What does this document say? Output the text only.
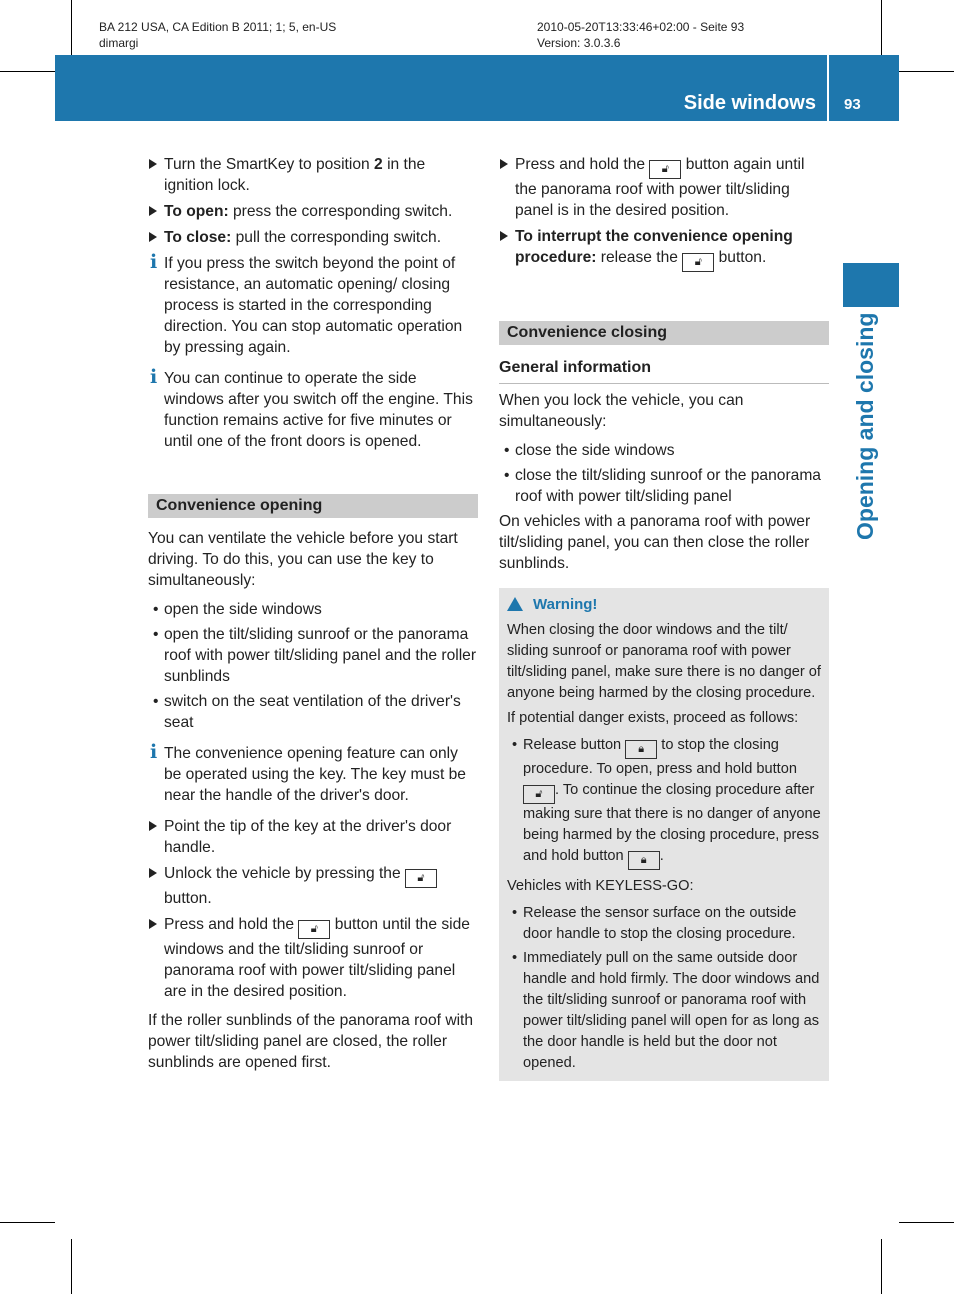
BA 212 USA, CA Edition B 2011; 1; 5, en-US
dimargi
2010-05-20T13:33:46+02:00 - Seite 93
Version: 3.0.3.6
Side windows 93
Opening and closing
Turn the SmartKey to position 2 in the ignition lock.
To open: press the corresponding switch.
To close: pull the corresponding switch.
i If you press the switch beyond the point of resistance, an automatic opening/ closing process is started in the corresponding direction. You can stop automatic operation by pressing again.
i You can continue to operate the side windows after you switch off the engine. This function remains active for five minutes or until one of the front doors is opened.
Convenience opening

You can ventilate the vehicle before you start driving. To do this, you can use the key to simultaneously:

• open the side windows
• open the tilt/sliding sunroof or the panorama roof with power tilt/sliding panel and the roller sunblinds
• switch on the seat ventilation of the driver's seat
i The convenience opening feature can only be operated using the key. The key must be near the handle of the driver's door.
Point the tip of the key at the driver's door handle.
Unlock the vehicle by pressing the 🔓︎
button.
Press and hold the 🔓︎ button until the side windows and the tilt/sliding sunroof or panorama roof with power tilt/sliding panel are in the desired position.

If the roller sunblinds of the panorama roof with power tilt/sliding panel are closed, the roller sunblinds are opened first.

Press and hold the 🔓︎ button again until the panorama roof with power tilt/sliding panel is in the desired position.
To interrupt the convenience opening procedure: release the 🔓︎ button.
Convenience closing
General information

When you lock the vehicle, you can simultaneously:

• close the side windows
• close the tilt/sliding sunroof or the panorama roof with power tilt/sliding panel

On vehicles with a panorama roof with power tilt/sliding panel, you can then close the roller sunblinds.

Warning!

When closing the door windows and the tilt/ sliding sunroof or panorama roof with power tilt/sliding panel, make sure there is no danger of anyone being harmed by the closing procedure.

If potential danger exists, proceed as follows:

• Release button 🔒︎ to stop the closing procedure. To open, press and hold button 🔓︎ . To continue the closing procedure after making sure that there is no danger of anyone being harmed by the closing procedure, press and hold button 🔒︎ .

Vehicles with KEYLESS-GO:

• Release the sensor surface on the outside door handle to stop the closing procedure.
• Immediately pull on the same outside door handle and hold firmly. The door windows and the tilt/sliding sunroof or panorama roof with power tilt/sliding panel will open for as long as the door handle is held but the door not opened.
